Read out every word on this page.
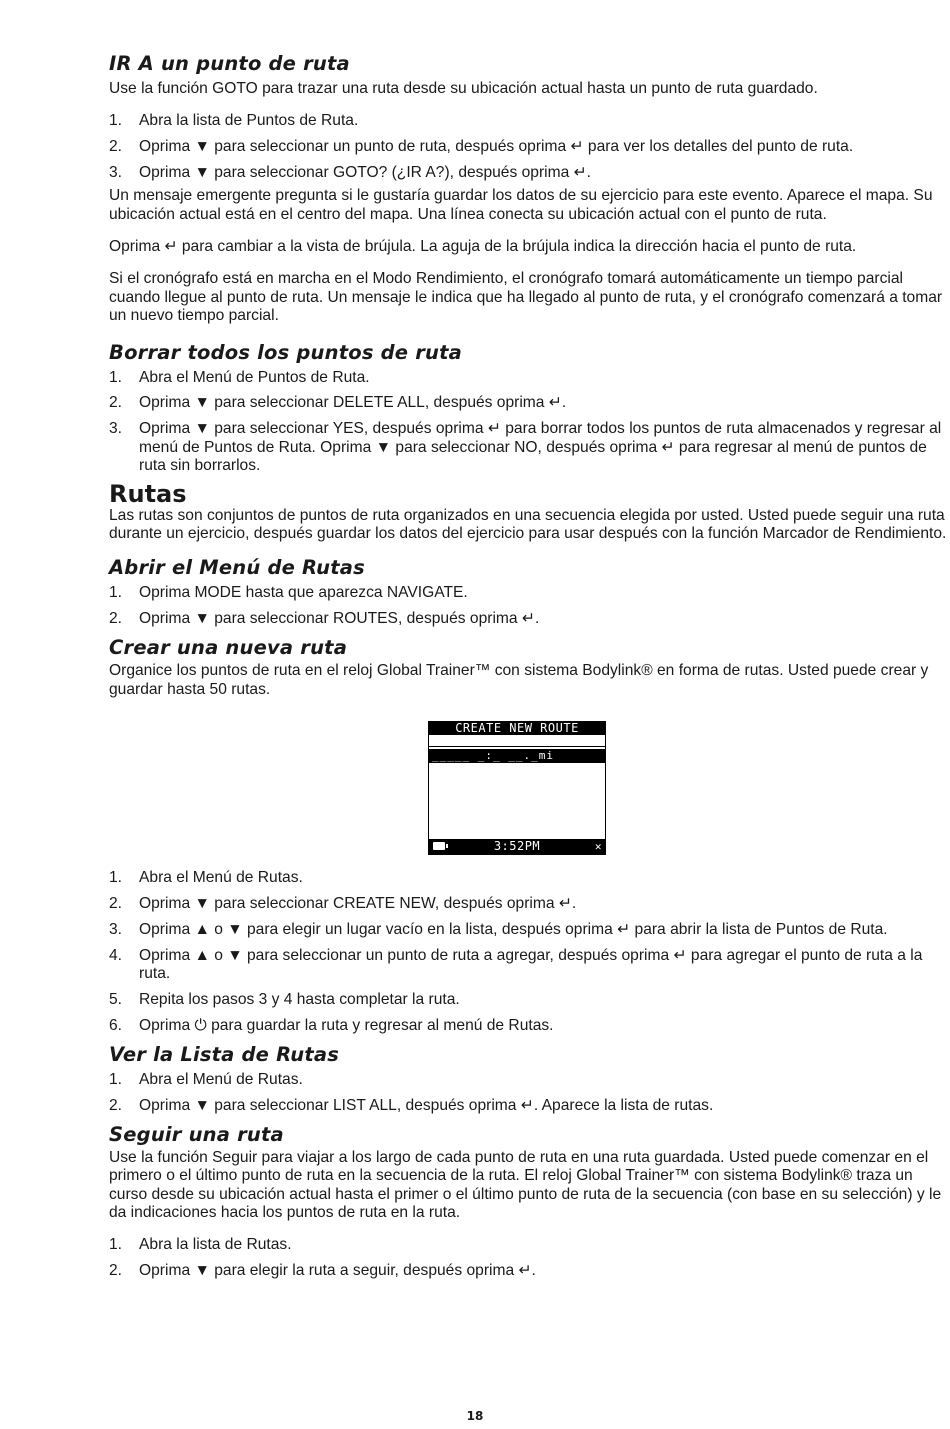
IR A un punto de ruta

Use la función GOTO para trazar una ruta desde su ubicación actual hasta un punto de ruta guardado.

1.	Abra la lista de Puntos de Ruta.
2.	Oprima ▼ para seleccionar un punto de ruta, después oprima ↵ para ver los detalles del punto de ruta.
3.	Oprima ▼ para seleccionar GOTO? (¿IR A?), después oprima ↵.

Un mensaje emergente pregunta si le gustaría guardar los datos de su ejercicio para este evento. Aparece el mapa. Su ubicación actual está en el centro del mapa. Una línea conecta su ubicación actual con el punto de ruta.

Oprima ↵ para cambiar a la vista de brújula. La aguja de la brújula indica la dirección hacia el punto de ruta.

Si el cronógrafo está en marcha en el Modo Rendimiento, el cronógrafo tomará automáticamente un tiempo parcial cuando llegue al punto de ruta. Un mensaje le indica que ha llegado al punto de ruta, y el cronógrafo comenzará a tomar un nuevo tiempo parcial.

Borrar todos los puntos de ruta
1.	Abra el Menú de Puntos de Ruta.
2.	Oprima ▼ para seleccionar DELETE ALL, después oprima ↵.
3.	Oprima ▼ para seleccionar YES, después oprima ↵ para borrar todos los puntos de ruta almacenados y regresar al menú de Puntos de Ruta. Oprima ▼ para seleccionar NO, después oprima ↵ para regresar al menú de puntos de ruta sin borrarlos.
Rutas

Las rutas son conjuntos de puntos de ruta organizados en una secuencia elegida por usted. Usted puede seguir una ruta durante un ejercicio, después guardar los datos del ejercicio para usar después con la función Marcador de Rendimiento.

Abrir el Menú de Rutas
1.	Oprima MODE hasta que aparezca NAVIGATE.
2.	Oprima ▼ para seleccionar ROUTES, después oprima ↵.
Crear una nueva ruta

Organice los puntos de ruta en el reloj Global Trainer™ con sistema Bodylink® en forma de rutas. Usted puede crear y guardar hasta 50 rutas.

CREATE NEW ROUTE
_____ _:_ __._mi
3:52PM	✕
1.	Abra el Menú de Rutas.
2.	Oprima ▼ para seleccionar CREATE NEW, después oprima ↵.
3.	Oprima ▲ o ▼ para elegir un lugar vacío en la lista, después oprima ↵ para abrir la lista de Puntos de Ruta.
4.	Oprima ▲ o ▼ para seleccionar un punto de ruta a agregar, después oprima ↵ para agregar el punto de ruta a la ruta.
5.	Repita los pasos 3 y 4 hasta completar la ruta.
6.	Oprima ⏻ para guardar la ruta y regresar al menú de Rutas.
Ver la Lista de Rutas
1.	Abra el Menú de Rutas.
2.	Oprima ▼ para seleccionar LIST ALL, después oprima ↵. Aparece la lista de rutas.
Seguir una ruta

Use la función Seguir para viajar a los largo de cada punto de ruta en una ruta guardada. Usted puede comenzar en el primero o el último punto de ruta en la secuencia de la ruta. El reloj Global Trainer™ con sistema Bodylink® traza un curso desde su ubicación actual hasta el primer o el último punto de ruta de la secuencia (con base en su selección) y le da indicaciones hacia los puntos de ruta en la ruta.

1.	Abra la lista de Rutas.
2.	Oprima ▼ para elegir la ruta a seguir, después oprima ↵.
18
